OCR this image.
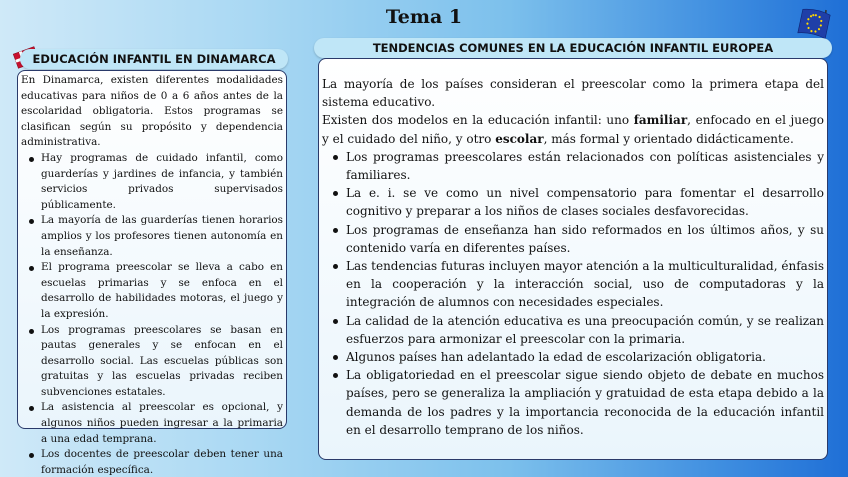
Tema 1
EDUCACIÓN INFANTIL EN DINAMARCA

En Dinamarca, existen diferentes modalidades educativas para niños de 0 a 6 años antes de la escolaridad obligatoria. Estos programas se clasifican según su propósito y dependencia administrativa.

Hay programas de cuidado infantil, como guarderías y jardines de infancia, y también servicios privados supervisados públicamente.
La mayoría de las guarderías tienen horarios amplios y los profesores tienen autonomía en la enseñanza.
El programa preescolar se lleva a cabo en escuelas primarias y se enfoca en el desarrollo de habilidades motoras, el juego y la expresión.
Los programas preescolares se basan en pautas generales y se enfocan en el desarrollo social. Las escuelas públicas son gratuitas y las escuelas privadas reciben subvenciones estatales.
La asistencia al preescolar es opcional, y algunos niños pueden ingresar a la primaria a una edad temprana.
Los docentes de preescolar deben tener una formación específica.
TENDENCIAS COMUNES EN LA EDUCACIÓN INFANTIL EUROPEA

La mayoría de los países consideran el preescolar como la primera etapa del sistema educativo.

Existen dos modelos en la educación infantil: uno familiar, enfocado en el juego y el cuidado del niño, y otro escolar, más formal y orientado didácticamente.

Los programas preescolares están relacionados con políticas asistenciales y familiares.
La e. i. se ve como un nivel compensatorio para fomentar el desarrollo cognitivo y preparar a los niños de clases sociales desfavorecidas.
Los programas de enseñanza han sido reformados en los últimos años, y su contenido varía en diferentes países.
Las tendencias futuras incluyen mayor atención a la multiculturalidad, énfasis en la cooperación y la interacción social, uso de computadoras y la integración de alumnos con necesidades especiales.
La calidad de la atención educativa es una preocupación común, y se realizan esfuerzos para armonizar el preescolar con la primaria.
Algunos países han adelantado la edad de escolarización obligatoria.
La obligatoriedad en el preescolar sigue siendo objeto de debate en muchos países, pero se generaliza la ampliación y gratuidad de esta etapa debido a la demanda de los padres y la importancia reconocida de la educación infantil en el desarrollo temprano de los niños.
